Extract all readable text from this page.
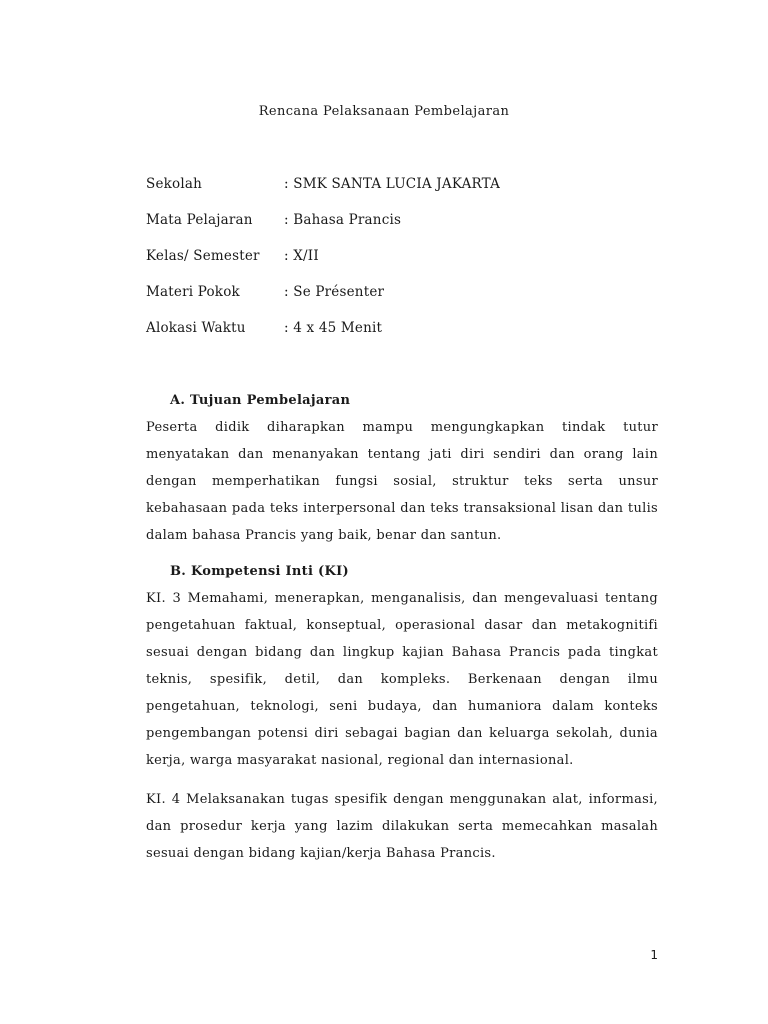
Rencana Pelaksanaan Pembelajaran
Sekolah	: SMK SANTA LUCIA JAKARTA
Mata Pelajaran	: Bahasa Prancis
Kelas/ Semester	: X/II
Materi Pokok	: Se Présenter
Alokasi Waktu	: 4 x 45 Menit
A. Tujuan Pembelajaran

Peserta didik diharapkan mampu mengungkapkan tindak tutur menyatakan dan menanyakan tentang jati diri sendiri dan orang lain dengan memperhatikan fungsi sosial, struktur teks serta unsur kebahasaan pada teks interpersonal dan teks transaksional lisan dan tulis dalam bahasa Prancis yang baik, benar dan santun.

B. Kompetensi Inti (KI)

KI. 3 Memahami, menerapkan, menganalisis, dan mengevaluasi tentang pengetahuan faktual, konseptual, operasional dasar dan metakognitifi sesuai dengan bidang dan lingkup kajian Bahasa Prancis pada tingkat teknis, spesifik, detil, dan kompleks. Berkenaan dengan ilmu pengetahuan, teknologi, seni budaya, dan humaniora dalam konteks pengembangan potensi diri sebagai bagian dan keluarga sekolah, dunia kerja, warga masyarakat nasional, regional dan internasional.

KI. 4 Melaksanakan tugas spesifik dengan menggunakan alat, informasi, dan prosedur kerja yang lazim dilakukan serta memecahkan masalah sesuai dengan bidang kajian/kerja Bahasa Prancis.

1
